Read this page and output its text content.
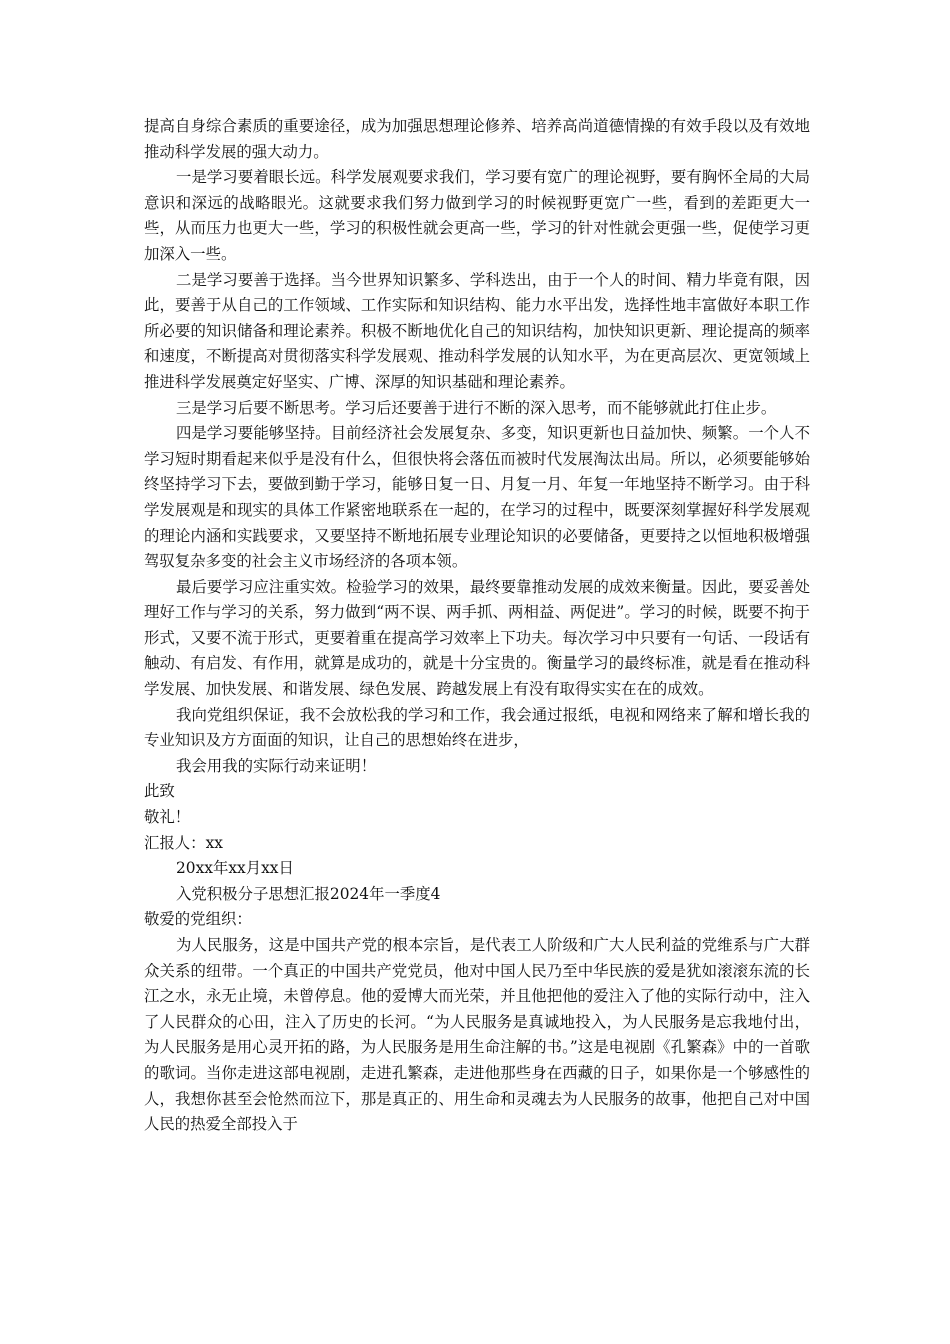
提高自身综合素质的重要途径，成为加强思想理论修养、培养高尚道德情操的有效手段以及有效地推动科学发展的强大动力。

一是学习要着眼长远。科学发展观要求我们，学习要有宽广的理论视野，要有胸怀全局的大局意识和深远的战略眼光。这就要求我们努力做到学习的时候视野更宽广一些，看到的差距更大一些，从而压力也更大一些，学习的积极性就会更高一些，学习的针对性就会更强一些，促使学习更加深入一些。

二是学习要善于选择。当今世界知识繁多、学科迭出，由于一个人的时间、精力毕竟有限，因此，要善于从自己的工作领域、工作实际和知识结构、能力水平出发，选择性地丰富做好本职工作所必要的知识储备和理论素养。积极不断地优化自己的知识结构，加快知识更新、理论提高的频率和速度，不断提高对贯彻落实科学发展观、推动科学发展的认知水平，为在更高层次、更宽领域上推进科学发展奠定好坚实、广博、深厚的知识基础和理论素养。

三是学习后要不断思考。学习后还要善于进行不断的深入思考，而不能够就此打住止步。

四是学习要能够坚持。目前经济社会发展复杂、多变，知识更新也日益加快、频繁。一个人不学习短时期看起来似乎是没有什么，但很快将会落伍而被时代发展淘汰出局。所以，必须要能够始终坚持学习下去，要做到勤于学习，能够日复一日、月复一月、年复一年地坚持不断学习。由于科学发展观是和现实的具体工作紧密地联系在一起的，在学习的过程中，既要深刻掌握好科学发展观的理论内涵和实践要求，又要坚持不断地拓展专业理论知识的必要储备，更要持之以恒地积极增强驾驭复杂多变的社会主义市场经济的各项本领。

最后要学习应注重实效。检验学习的效果，最终要靠推动发展的成效来衡量。因此，要妥善处理好工作与学习的关系，努力做到“两不误、两手抓、两相益、两促进”。学习的时候，既要不拘于形式，又要不流于形式，更要着重在提高学习效率上下功夫。每次学习中只要有一句话、一段话有触动、有启发、有作用，就算是成功的，就是十分宝贵的。衡量学习的最终标准，就是看在推动科学发展、加快发展、和谐发展、绿色发展、跨越发展上有没有取得实实在在的成效。

我向党组织保证，我不会放松我的学习和工作，我会通过报纸，电视和网络来了解和增长我的专业知识及方方面面的知识，让自己的思想始终在进步，

我会用我的实际行动来证明！

此致

敬礼！

汇报人：xx

20xx年xx月xx日

入党积极分子思想汇报2024年一季度4

敬爱的党组织：

为人民服务，这是中国共产党的根本宗旨，是代表工人阶级和广大人民利益的党维系与广大群众关系的纽带。一个真正的中国共产党党员，他对中国人民乃至中华民族的爱是犹如滚滚东流的长江之水，永无止境，未曾停息。他的爱博大而光荣，并且他把他的爱注入了他的实际行动中，注入了人民群众的心田，注入了历史的长河。“为人民服务是真诚地投入，为人民服务是忘我地付出，为人民服务是用心灵开拓的路，为人民服务是用生命注解的书。”这是电视剧《孔繁森》中的一首歌的歌词。当你走进这部电视剧，走进孔繁森，走进他那些身在西藏的日子，如果你是一个够感性的人，我想你甚至会怆然而泣下，那是真正的、用生命和灵魂去为人民服务的故事，他把自己对中国人民的热爱全部投入于
